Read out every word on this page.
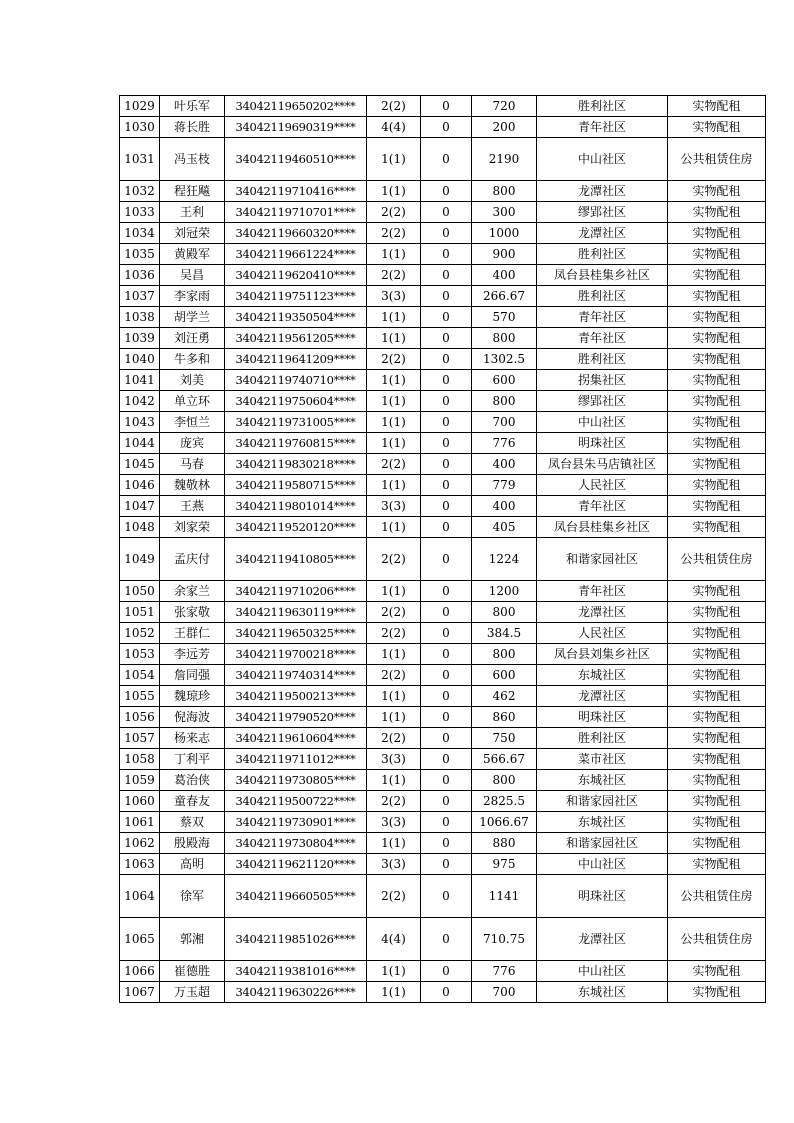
1029	叶乐军	34042119650202****	2(2)	0	720	胜利社区	实物配租
1030	蒋长胜	34042119690319****	4(4)	0	200	青年社区	实物配租
1031	冯玉枝	34042119460510****	1(1)	0	2190	中山社区	公共租赁住房
1032	程狂飚	34042119710416****	1(1)	0	800	龙潭社区	实物配租
1033	王利	34042119710701****	2(2)	0	300	缪郢社区	实物配租
1034	刘冠荣	34042119660320****	2(2)	0	1000	龙潭社区	实物配租
1035	黄殿军	34042119661224****	1(1)	0	900	胜利社区	实物配租
1036	吴昌	34042119620410****	2(2)	0	400	凤台县桂集乡社区	实物配租
1037	李家雨	34042119751123****	3(3)	0	266.67	胜利社区	实物配租
1038	胡学兰	34042119350504****	1(1)	0	570	青年社区	实物配租
1039	刘汪勇	34042119561205****	1(1)	0	800	青年社区	实物配租
1040	牛多和	34042119641209****	2(2)	0	1302.5	胜利社区	实物配租
1041	刘美	34042119740710****	1(1)	0	600	拐集社区	实物配租
1042	单立环	34042119750604****	1(1)	0	800	缪郢社区	实物配租
1043	李恒兰	34042119731005****	1(1)	0	700	中山社区	实物配租
1044	庞宾	34042119760815****	1(1)	0	776	明珠社区	实物配租
1045	马春	34042119830218****	2(2)	0	400	凤台县朱马店镇社区	实物配租
1046	魏敬林	34042119580715****	1(1)	0	779	人民社区	实物配租
1047	王燕	34042119801014****	3(3)	0	400	青年社区	实物配租
1048	刘家荣	34042119520120****	1(1)	0	405	凤台县桂集乡社区	实物配租
1049	孟庆付	34042119410805****	2(2)	0	1224	和谐家园社区	公共租赁住房
1050	余家兰	34042119710206****	1(1)	0	1200	青年社区	实物配租
1051	张家敬	34042119630119****	2(2)	0	800	龙潭社区	实物配租
1052	王群仁	34042119650325****	2(2)	0	384.5	人民社区	实物配租
1053	李远芳	34042119700218****	1(1)	0	800	凤台县刘集乡社区	实物配租
1054	詹同强	34042119740314****	2(2)	0	600	东城社区	实物配租
1055	魏琼珍	34042119500213****	1(1)	0	462	龙潭社区	实物配租
1056	倪海波	34042119790520****	1(1)	0	860	明珠社区	实物配租
1057	杨来志	34042119610604****	2(2)	0	750	胜利社区	实物配租
1058	丁利平	34042119711012****	3(3)	0	566.67	菜市社区	实物配租
1059	葛治侠	34042119730805****	1(1)	0	800	东城社区	实物配租
1060	童春友	34042119500722****	2(2)	0	2825.5	和谐家园社区	实物配租
1061	蔡双	34042119730901****	3(3)	0	1066.67	东城社区	实物配租
1062	殷殿海	34042119730804****	1(1)	0	880	和谐家园社区	实物配租
1063	高明	34042119621120****	3(3)	0	975	中山社区	实物配租
1064	徐军	34042119660505****	2(2)	0	1141	明珠社区	公共租赁住房
1065	郭湘	34042119851026****	4(4)	0	710.75	龙潭社区	公共租赁住房
1066	崔德胜	34042119381016****	1(1)	0	776	中山社区	实物配租
1067	万玉超	34042119630226****	1(1)	0	700	东城社区	实物配租
